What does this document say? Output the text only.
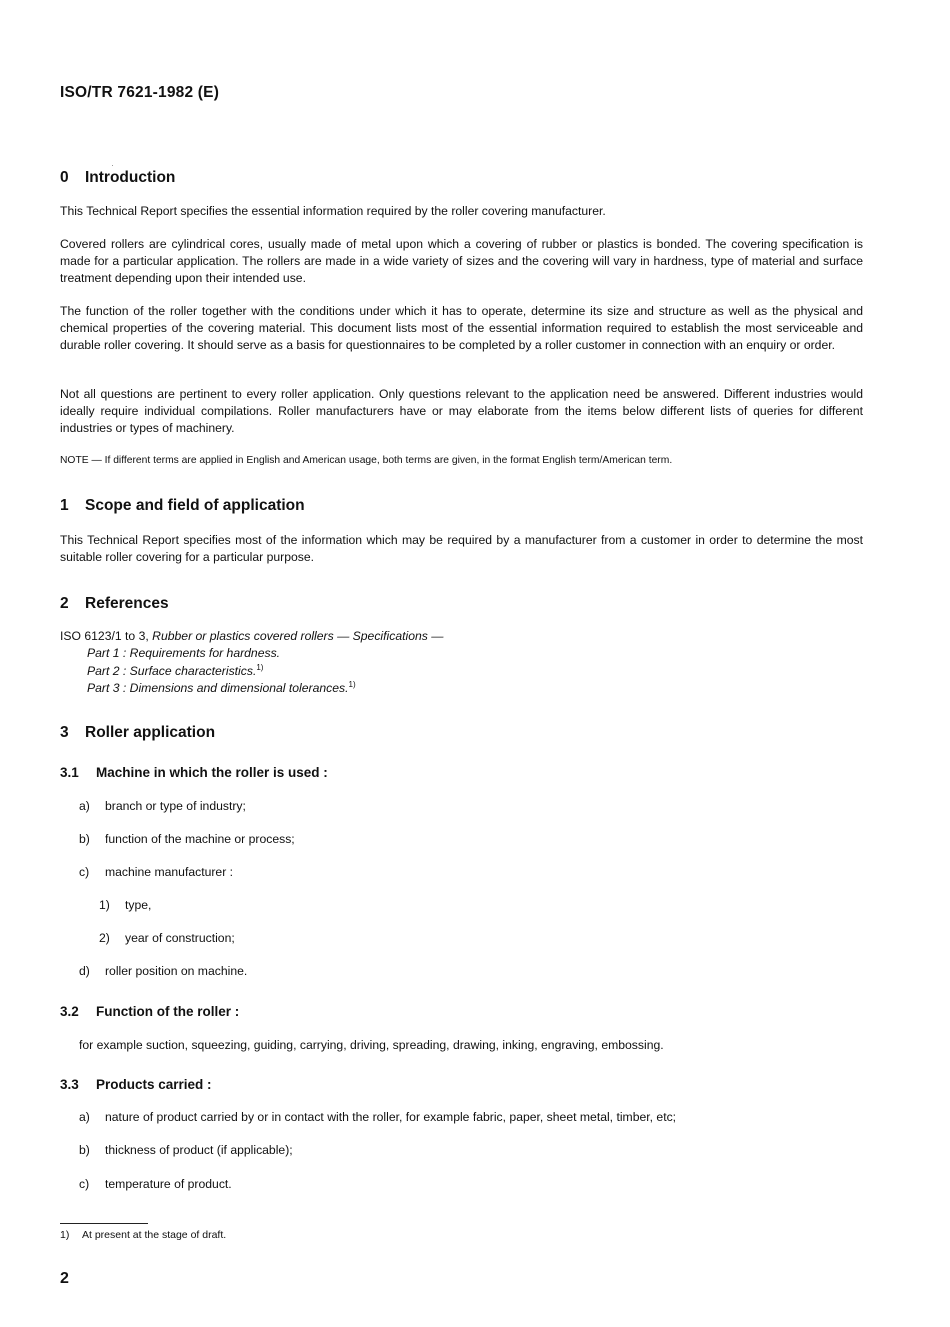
ISO/TR 7621-1982 (E)
0 Introduction
This Technical Report specifies the essential information required by the roller covering manufacturer.
Covered rollers are cylindrical cores, usually made of metal upon which a covering of rubber or plastics is bonded. The covering specification is made for a particular application. The rollers are made in a wide variety of sizes and the covering will vary in hardness, type of material and surface treatment depending upon their intended use.
The function of the roller together with the conditions under which it has to operate, determine its size and structure as well as the physical and chemical properties of the covering material. This document lists most of the essential information required to establish the most serviceable and durable roller covering. It should serve as a basis for questionnaires to be completed by a roller customer in connection with an enquiry or order.
Not all questions are pertinent to every roller application. Only questions relevant to the application need be answered. Different industries would ideally require individual compilations. Roller manufacturers have or may elaborate from the items below different lists of queries for different industries or types of machinery.
NOTE — If different terms are applied in English and American usage, both terms are given, in the format English term/American term.
1 Scope and field of application
This Technical Report specifies most of the information which may be required by a manufacturer from a customer in order to determine the most suitable roller covering for a particular purpose.
2 References
ISO 6123/1 to 3, Rubber or plastics covered rollers — Specifications —
Part 1 : Requirements for hardness.
Part 2 : Surface characteristics.$^{1)}$
Part 3 : Dimensions and dimensional tolerances.$^{1)}$
3 Roller application
3.1 Machine in which the roller is used :
a) branch or type of industry;
b) function of the machine or process;
c) machine manufacturer :
1) type,
2) year of construction;
d) roller position on machine.
3.2 Function of the roller :
for example suction, squeezing, guiding, carrying, driving, spreading, drawing, inking, engraving, embossing.
3.3 Products carried :
a) nature of product carried by or in contact with the roller, for example fabric, paper, sheet metal, timber, etc;
b) thickness of product (if applicable);
c) temperature of product.
1) At present at the stage of draft.
2
